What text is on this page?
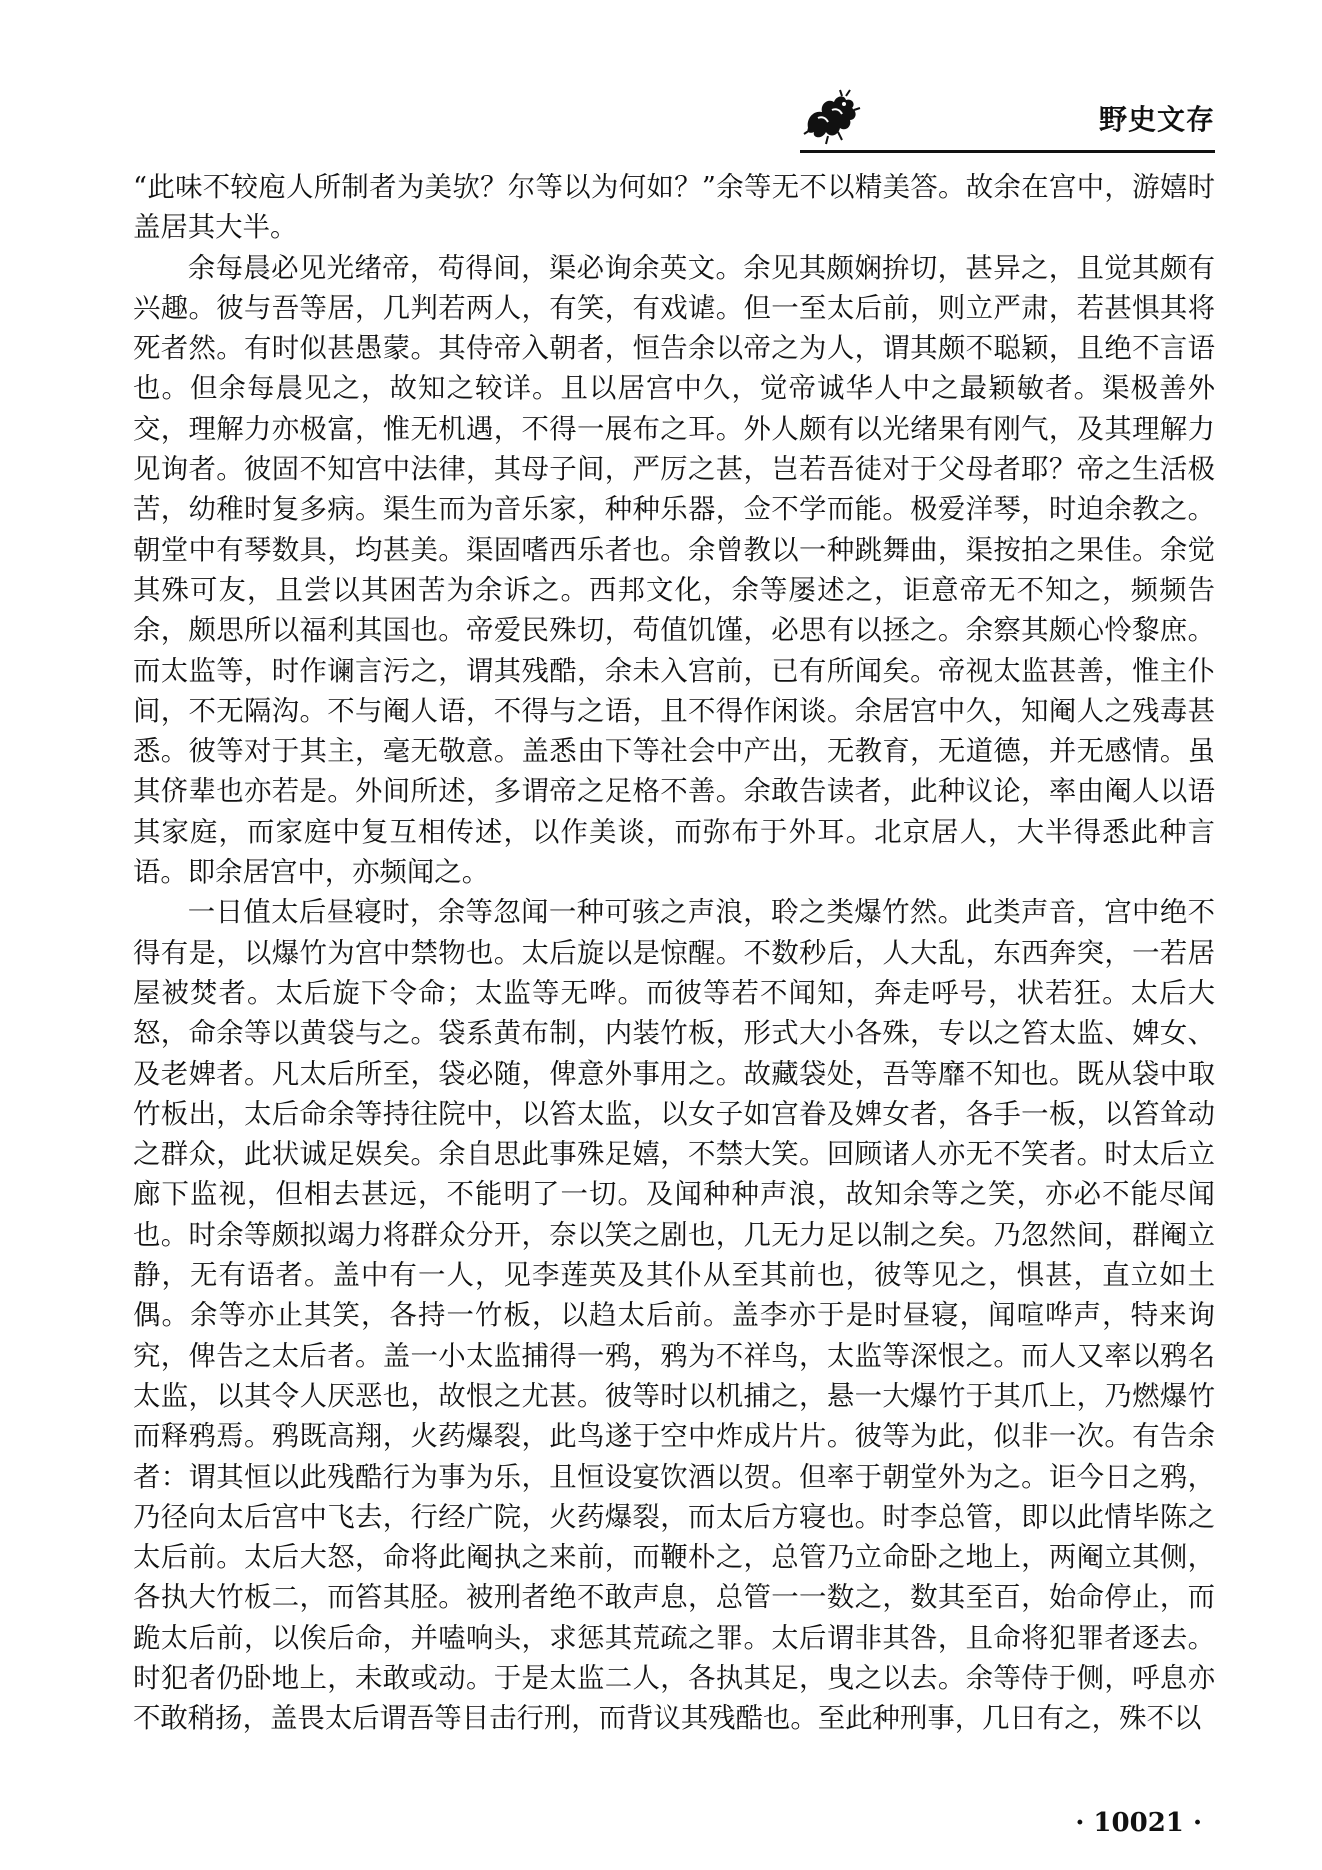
野史文存

“此味不较庖人所制者为美欤？尔等以为何如？”余等无不以精美答。故余在宫中，游嬉时盖居其大半。

余每晨必见光绪帝，苟得间，渠必询余英文。余见其颇娴拚切，甚异之，且觉其颇有兴趣。彼与吾等居，几判若两人，有笑，有戏谑。但一至太后前，则立严肃，若甚惧其将死者然。有时似甚愚蒙。其侍帝入朝者，恒告余以帝之为人，谓其颇不聪颖，且绝不言语也。但余每晨见之，故知之较详。且以居宫中久，觉帝诚华人中之最颖敏者。渠极善外交，理解力亦极富，惟无机遇，不得一展布之耳。外人颇有以光绪果有刚气，及其理解力见询者。彼固不知宫中法律，其母子间，严厉之甚，岂若吾徒对于父母者耶？帝之生活极苦，幼稚时复多病。渠生而为音乐家，种种乐器，佥不学而能。极爱洋琴，时迫余教之。朝堂中有琴数具，均甚美。渠固嗜西乐者也。余曾教以一种跳舞曲，渠按拍之果佳。余觉其殊可友，且尝以其困苦为余诉之。西邦文化，余等屡述之，讵意帝无不知之，频频告余，颇思所以福利其国也。帝爱民殊切，苟值饥馑，必思有以拯之。余察其颇心怜黎庶。而太监等，时作谰言污之，谓其残酷，余未入宫前，已有所闻矣。帝视太监甚善，惟主仆间，不无隔沟。不与阉人语，不得与之语，且不得作闲谈。余居宫中久，知阉人之残毒甚悉。彼等对于其主，毫无敬意。盖悉由下等社会中产出，无教育，无道德，并无感情。虽其侪辈也亦若是。外间所述，多谓帝之足格不善。余敢告读者，此种议论，率由阉人以语其家庭，而家庭中复互相传述，以作美谈，而弥布于外耳。北京居人，大半得悉此种言语。即余居宫中，亦频闻之。

一日值太后昼寝时，余等忽闻一种可骇之声浪，聆之类爆竹然。此类声音，宫中绝不得有是，以爆竹为宫中禁物也。太后旋以是惊醒。不数秒后，人大乱，东西奔突，一若居屋被焚者。太后旋下令命；太监等无哗。而彼等若不闻知，奔走呼号，状若狂。太后大怒，命余等以黄袋与之。袋系黄布制，内装竹板，形式大小各殊，专以之笞太监、婢女、及老婢者。凡太后所至，袋必随，俾意外事用之。故藏袋处，吾等靡不知也。既从袋中取竹板出，太后命余等持往院中，以笞太监，以女子如宫眷及婢女者，各手一板，以笞耸动之群众，此状诚足娱矣。余自思此事殊足嬉，不禁大笑。回顾诸人亦无不笑者。时太后立廊下监视，但相去甚远，不能明了一切。及闻种种声浪，故知余等之笑，亦必不能尽闻也。时余等颇拟竭力将群众分开，奈以笑之剧也，几无力足以制之矣。乃忽然间，群阉立静，无有语者。盖中有一人，见李莲英及其仆从至其前也，彼等见之，惧甚，直立如土偶。余等亦止其笑，各持一竹板，以趋太后前。盖李亦于是时昼寝，闻喧哗声，特来询究，俾告之太后者。盖一小太监捕得一鸦，鸦为不祥鸟，太监等深恨之。而人又率以鸦名太监，以其令人厌恶也，故恨之尤甚。彼等时以机捕之，悬一大爆竹于其爪上，乃燃爆竹而释鸦焉。鸦既高翔，火药爆裂，此鸟遂于空中炸成片片。彼等为此，似非一次。有告余者：谓其恒以此残酷行为事为乐，且恒设宴饮酒以贺。但率于朝堂外为之。讵今日之鸦，乃径向太后宫中飞去，行经广院，火药爆裂，而太后方寝也。时李总管，即以此情毕陈之太后前。太后大怒，命将此阉执之来前，而鞭朴之，总管乃立命卧之地上，两阉立其侧，各执大竹板二，而笞其胫。被刑者绝不敢声息，总管一一数之，数其至百，始命停止，而跪太后前，以俟后命，并嗑响头，求惩其荒疏之罪。太后谓非其咎，且命将犯罪者逐去。时犯者仍卧地上，未敢或动。于是太监二人，各执其足，曳之以去。余等侍于侧，呼息亦不敢稍扬，盖畏太后谓吾等目击行刑，而背议其残酷也。至此种刑事，几日有之，殊不以

· 10021 ·
